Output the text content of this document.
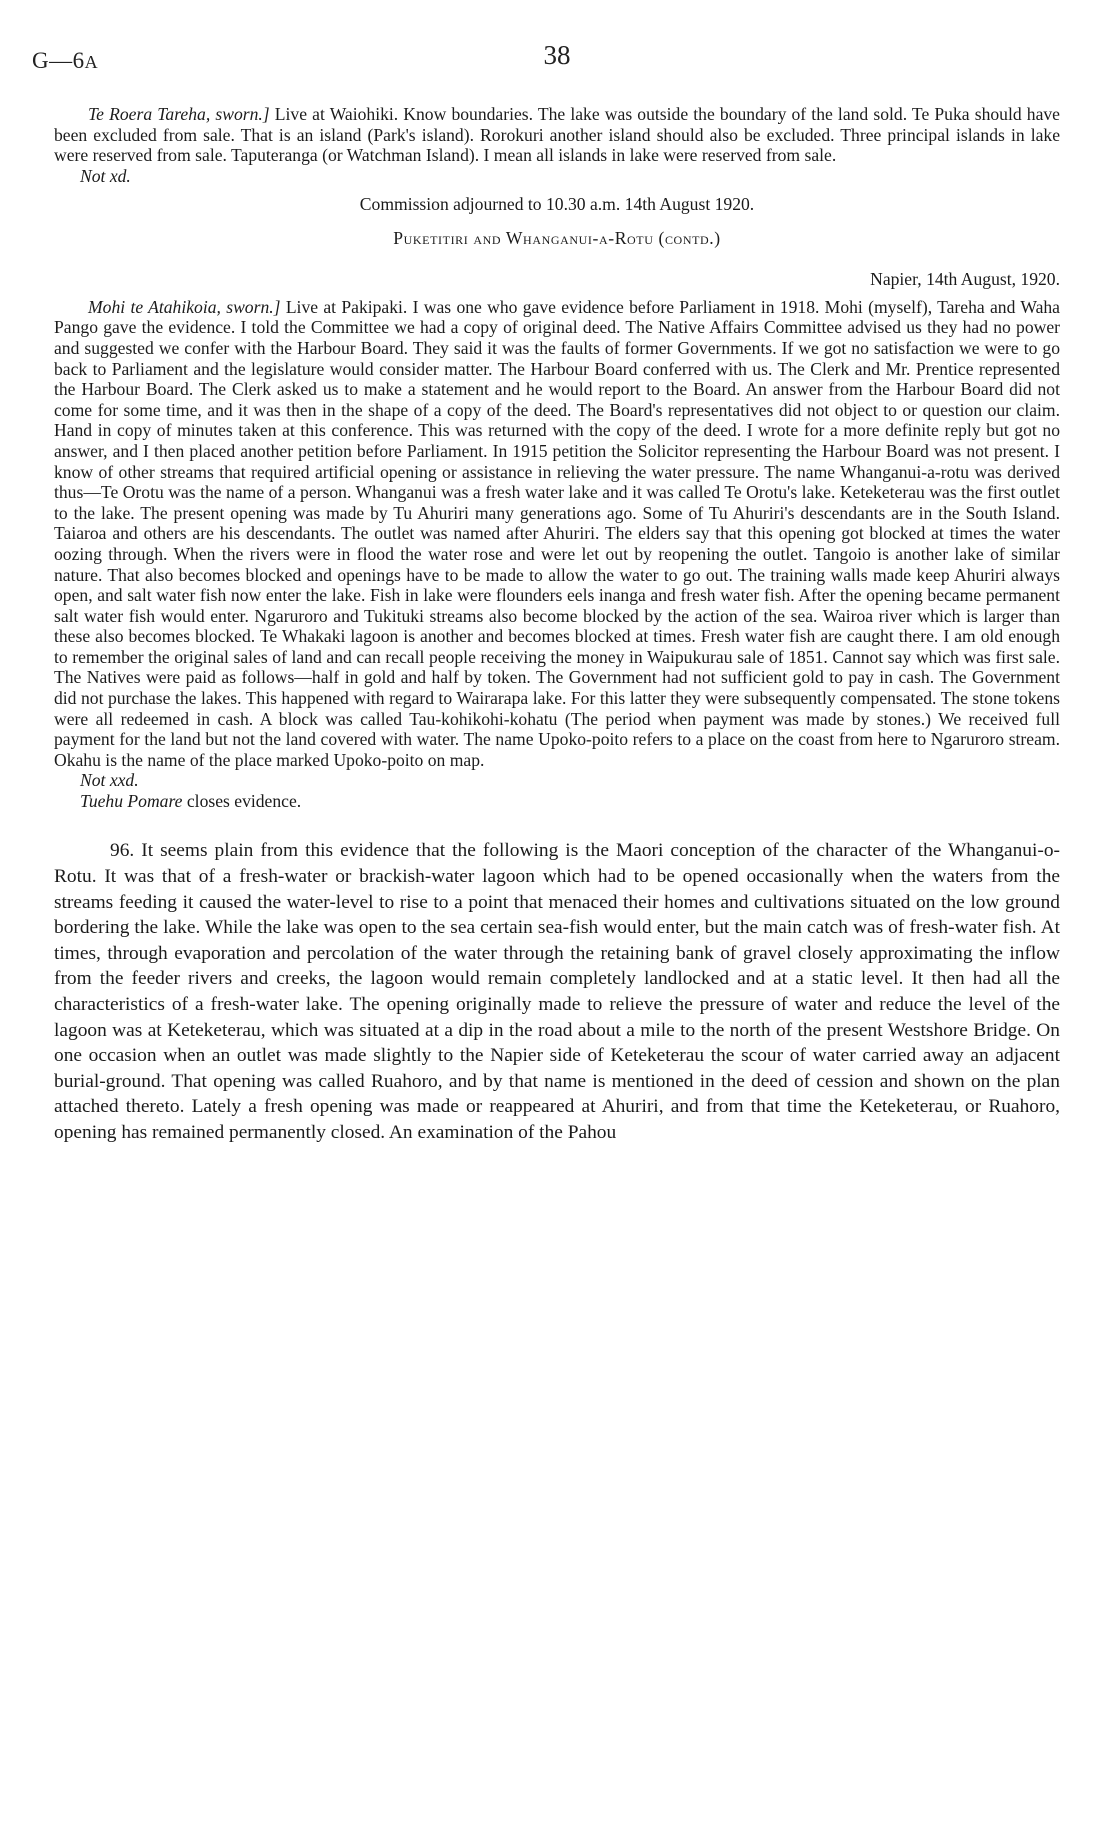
G—6A	38

Te Roera Tareha, sworn.] Live at Waiohiki. Know boundaries. The lake was outside the boundary of the land sold. Te Puka should have been excluded from sale. That is an island (Park's island). Rorokuri another island should also be excluded. Three principal islands in lake were reserved from sale. Taputeranga (or Watchman Island). I mean all islands in lake were reserved from sale.

Not xd.

Commission adjourned to 10.30 a.m. 14th August 1920.

Puketitiri and Whanganui-a-Rotu (contd.)

Napier, 14th August, 1920.

Mohi te Atahikoia, sworn.] Live at Pakipaki. I was one who gave evidence before Parliament in 1918. Mohi (myself), Tareha and Waha Pango gave the evidence. I told the Committee we had a copy of original deed. The Native Affairs Committee advised us they had no power and suggested we confer with the Harbour Board. They said it was the faults of former Governments. If we got no satisfaction we were to go back to Parliament and the legislature would consider matter. The Harbour Board conferred with us. The Clerk and Mr. Prentice represented the Harbour Board. The Clerk asked us to make a statement and he would report to the Board. An answer from the Harbour Board did not come for some time, and it was then in the shape of a copy of the deed. The Board's representatives did not object to or question our claim. Hand in copy of minutes taken at this conference. This was returned with the copy of the deed. I wrote for a more definite reply but got no answer, and I then placed another petition before Parliament. In 1915 petition the Solicitor representing the Harbour Board was not present. I know of other streams that required artificial opening or assistance in relieving the water pressure. The name Whanganui-a-rotu was derived thus—Te Orotu was the name of a person. Whanganui was a fresh water lake and it was called Te Orotu's lake. Keteketerau was the first outlet to the lake. The present opening was made by Tu Ahuriri many generations ago. Some of Tu Ahuriri's descendants are in the South Island. Taiaroa and others are his descendants. The outlet was named after Ahuriri. The elders say that this opening got blocked at times the water oozing through. When the rivers were in flood the water rose and were let out by reopening the outlet. Tangoio is another lake of similar nature. That also becomes blocked and openings have to be made to allow the water to go out. The training walls made keep Ahuriri always open, and salt water fish now enter the lake. Fish in lake were flounders eels inanga and fresh water fish. After the opening became permanent salt water fish would enter. Ngaruroro and Tukituki streams also become blocked by the action of the sea. Wairoa river which is larger than these also becomes blocked. Te Whakaki lagoon is another and becomes blocked at times. Fresh water fish are caught there. I am old enough to remember the original sales of land and can recall people receiving the money in Waipukurau sale of 1851. Cannot say which was first sale. The Natives were paid as follows—half in gold and half by token. The Government had not sufficient gold to pay in cash. The Government did not purchase the lakes. This happened with regard to Wairarapa lake. For this latter they were subsequently compensated. The stone tokens were all redeemed in cash. A block was called Tau-kohikohi-kohatu (The period when payment was made by stones.) We received full payment for the land but not the land covered with water. The name Upoko-poito refers to a place on the coast from here to Ngaruroro stream. Okahu is the name of the place marked Upoko-poito on map.

Not xxd.

Tuehu Pomare closes evidence.

96. It seems plain from this evidence that the following is the Maori conception of the character of the Whanganui-o-Rotu. It was that of a fresh-water or brackish-water lagoon which had to be opened occasionally when the waters from the streams feeding it caused the water-level to rise to a point that menaced their homes and cultivations situated on the low ground bordering the lake. While the lake was open to the sea certain sea-fish would enter, but the main catch was of fresh-water fish. At times, through evaporation and percolation of the water through the retaining bank of gravel closely approximating the inflow from the feeder rivers and creeks, the lagoon would remain completely landlocked and at a static level. It then had all the characteristics of a fresh-water lake. The opening originally made to relieve the pressure of water and reduce the level of the lagoon was at Keteketerau, which was situated at a dip in the road about a mile to the north of the present Westshore Bridge. On one occasion when an outlet was made slightly to the Napier side of Keteketerau the scour of water carried away an adjacent burial-ground. That opening was called Ruahoro, and by that name is mentioned in the deed of cession and shown on the plan attached thereto. Lately a fresh opening was made or reappeared at Ahuriri, and from that time the Keteketerau, or Ruahoro, opening has remained permanently closed. An examination of the Pahou
